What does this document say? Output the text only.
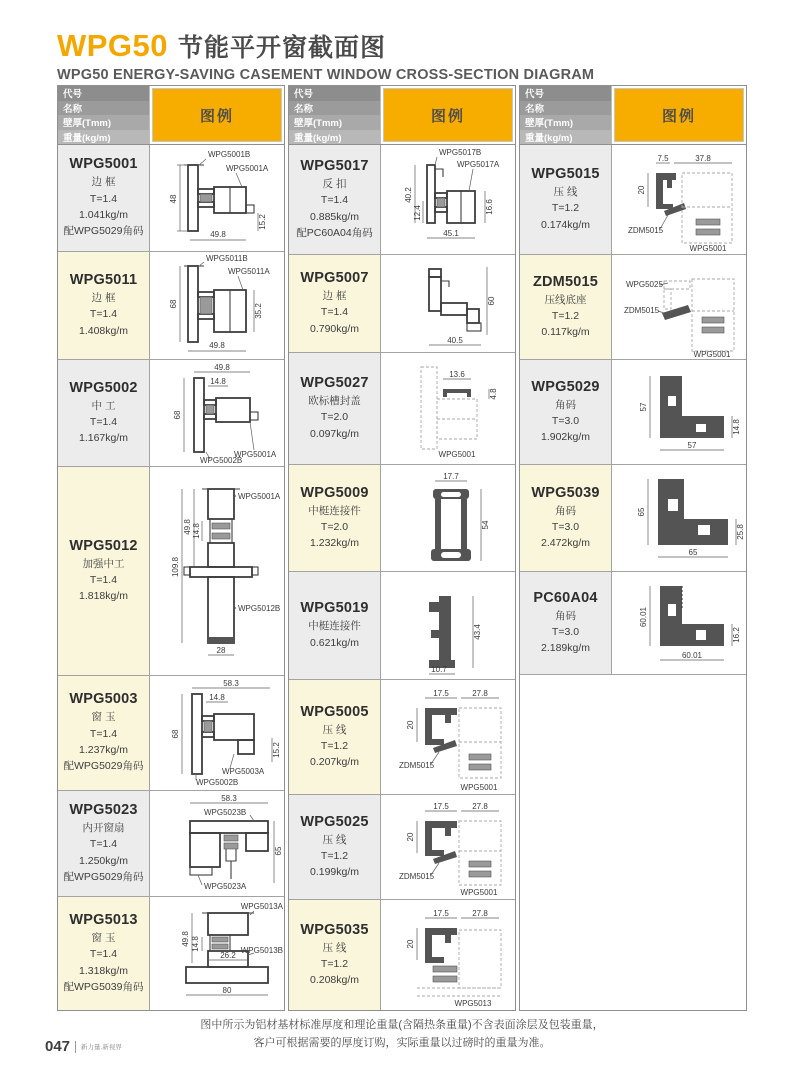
WPG50 节能平开窗截面图
WPG50 ENERGY-SAVING CASEMENT WINDOW CROSS-SECTION DIAGRAM
代号
名称
壁厚(Tmm)
重量(kg/m)
图例
WPG5001
边 框
T=1.4
1.041kg/m
配WPG5029角码
48
49.8
15.2
WPG5001B
WPG5001A
WPG5011
边 框
T=1.4
1.408kg/m
68	35.2
49.8
WPG5011B
WPG5011A
WPG5002
中 工
T=1.4
1.167kg/m
49.8
14.8
68
WPG5002B
WPG5001A
WPG5012
加强中工
T=1.4
1.818kg/m
49.8 14.8
109.8
28
WPG5001A
WPG5012B
WPG5003
窗 玉
T=1.4
1.237kg/m
配WPG5029角码
58.3
14.8
68
15.2
WPG5003A
WPG5002B
WPG5023
内开窗扇
T=1.4
1.250kg/m
配WPG5029角码
58.3
65
WPG5023B
WPG5023A
WPG5013
窗 玉
T=1.4
1.318kg/m
配WPG5039角码
14.8
49.8
26.2
80
WPG5013A
WPG5013B
代号
名称
壁厚(Tmm)
重量(kg/m)
图例
WPG5017
反 扣
T=1.4
0.885kg/m
配PC60A04角码
40.2
12.4	16.6
45.1
WPG5017B
WPG5017A
WPG5007
边 框
T=1.4
0.790kg/m
60
40.5
WPG5027
欧标槽封盖
T=2.0
0.097kg/m
13.6
4.8
WPG5001
WPG5009
中梃连接件
T=2.0
1.232kg/m
17.7
54
WPG5019
中梃连接件
0.621kg/m
43.4
10.7
WPG5005
压 线
T=1.2
0.207kg/m
17.5	27.8
20
ZDM5015
WPG5001
WPG5025
压 线
T=1.2
0.199kg/m
17.5	27.8
20
ZDM5015
WPG5001
WPG5035
压 线
T=1.2
0.208kg/m
17.5	27.8
20
WPG5013
代号
名称
壁厚(Tmm)
重量(kg/m)
图例
WPG5015
压 线
T=1.2
0.174kg/m
7.5	37.8
20
ZDM5015
WPG5001
ZDM5015
压线底座
T=1.2
0.117kg/m
WPG5025
ZDM5015
WPG5001
WPG5029
角码
T=3.0
1.902kg/m
57
14.8
57
WPG5039
角码
T=3.0
2.472kg/m
65
25.8
65
PC60A04
角码
T=3.0
2.189kg/m
60.01
16.2
60.01
图中所示为铝材基材标准厚度和理论重量(含隔热条重量)不含表面涂层及包装重量，
客户可根据需要的厚度订购，实际重量以过磅时的重量为准。
047 新力量.新视界
